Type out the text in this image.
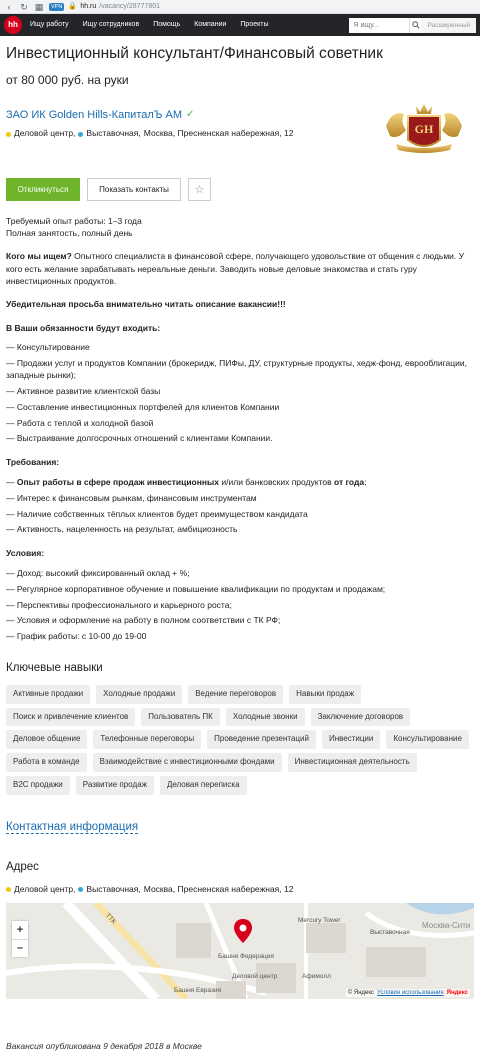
‹	↻ ▦	VPN 🔒 hh.ru /vacancy/28777801
hh	Ищу работу Ищу сотрудников Помощь Компании Проекты
Я ищу...	Расширенный
Инвестиционный консультант/Финансовый советник
от 80 000 руб. на руки
ЗАО ИК Golden Hills-КапиталЪ АМ ✓
Деловой центр, Выставочная, Москва, Пресненская набережная, 12	GH
Откликнуться	Показать контакты	☆
Требуемый опыт работы: 1–3 года
Полная занятость, полный день
Кого мы ищем? Опытного специалиста в финансовой сфере, получающего удовольствие от общения с людьми. У кого есть желание зарабатывать нереальные деньги. Заводить новые деловые знакомства и стать гуру инвестиционных продуктов.
Убедительная просьба внимательно читать описание вакансии!!!
В Ваши обязанности будут входить:
— Консультирование
— Продажи услуг и продуктов Компании (брокеридж, ПИФы, ДУ, структурные продукты, хедж-фонд, еврооблигации, западные рынки);
— Активное развитие клиентской базы
— Составление инвестиционных портфелей для клиентов Компании
— Работа с теплой и холодной базой
— Выстраивание долгосрочных отношений с клиентами Компании.
Требования:
— Опыт работы в сфере продаж инвестиционных и/или банковских продуктов от года;
— Интерес к финансовым рынкам, финансовым инструментам
— Наличие собственных тёплых клиентов будет преимуществом кандидата
— Активность, нацеленность на результат, амбициозность
Условия:
— Доход: высокий фиксированный оклад + %;
— Регулярное корпоративное обучение и повышение квалификации по продуктам и продажам;
— Перспективы профессионального и карьерного роста;
— Условия и оформление на работу в полном соответствии с ТК РФ;
— График работы: с 10-00 до 19-00
Ключевые навыки
Активные продажи	Холодные продажи	Ведение переговоров	Навыки продаж
Поиск и привлечение клиентов	Пользователь ПК	Холодные звонки	Заключение договоров
Деловое общение	Телефонные переговоры	Проведение презентаций	Инвестиции	Консультирование
Работа в команде	Взаимодействие с инвестиционными фондами	Инвестиционная деятельность
B2C продажи	Развитие продаж	Деловая переписка
Контактная информация
Адрес
Деловой центр, Выставочная, Москва, Пресненская набережная, 12
+
–
ТТК	Mercury Tower
Выставочная
Москва-Сити
Башня Федерация
Деловой центр	Афимолл
Башня Евразия	© Яндекс Условия использования Яндекс
Вакансия опубликована 9 декабря 2018 в Москве
